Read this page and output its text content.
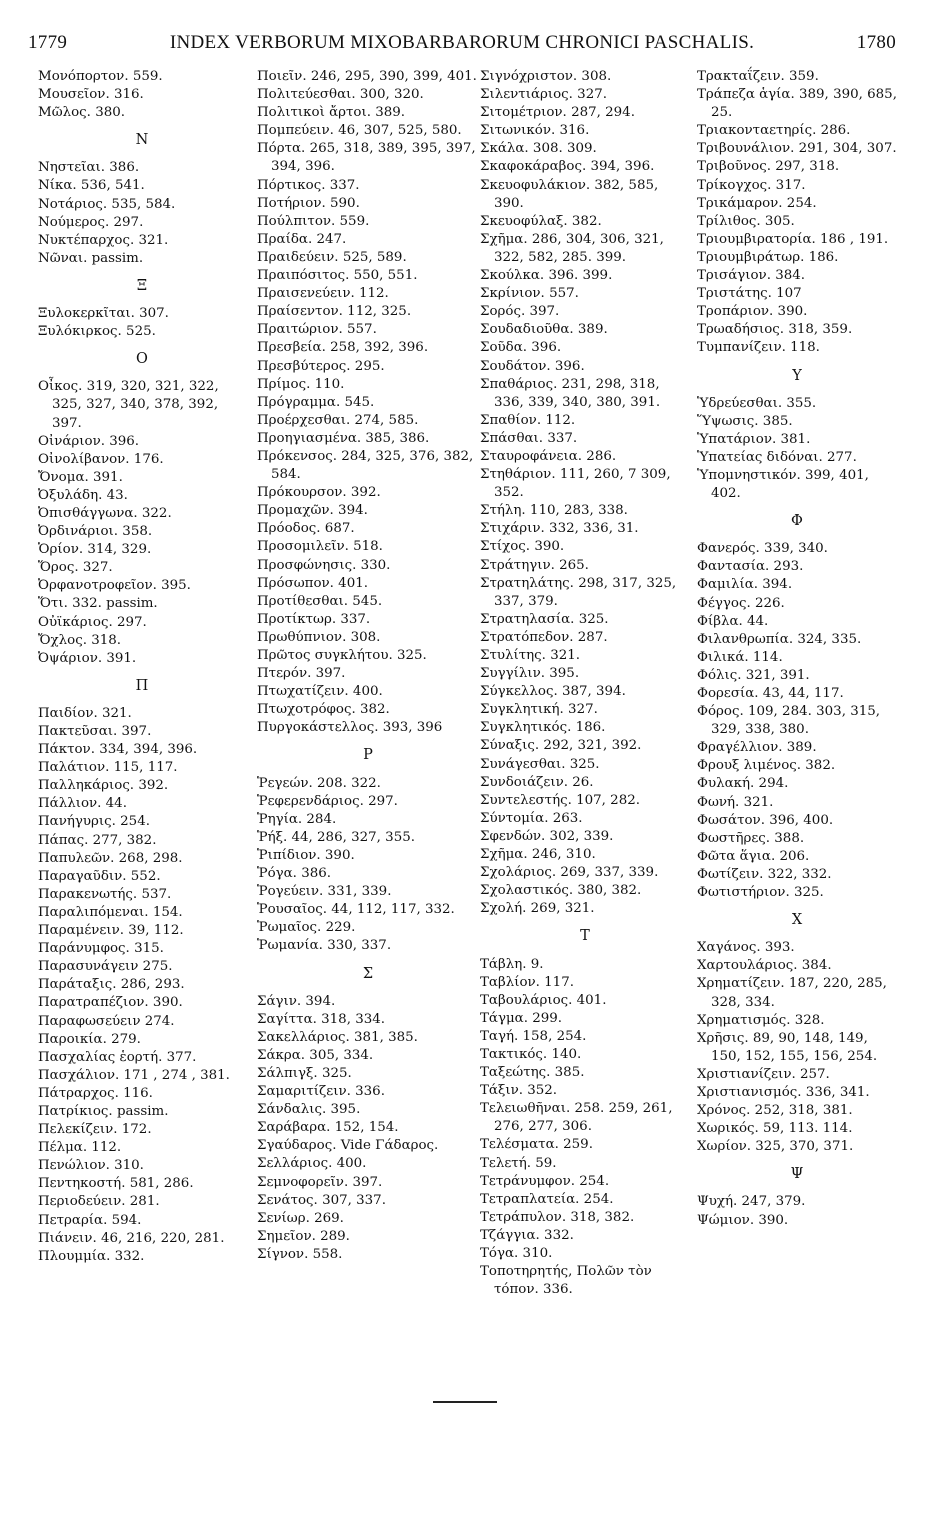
1779	INDEX VERBORUM MIXOBARBARORUM CHRONICI PASCHALIS.	1780
Μονόπορτον. 559.
Μουσεῖον. 316.
Μῶλος. 380.
N
Νηστεῖαι. 386.
Νίκα. 536, 541.
Νοτάριος. 535, 584.
Νούμερος. 297.
Νυκτέπαρχος. 321.
Νῶναι. passim.
Ξ
Ξυλοκερκῖται. 307.
Ξυλόκιρκος. 525.
O
Οἶκος. 319, 320, 321, 322, 325, 327, 340, 378, 392, 397.
Οἰνάριον. 396.
Οἰνολίβανον. 176.
Ὄνομα. 391.
Ὀξυλάδη. 43.
Ὀπισθάγγωνα. 322.
Ὀρδινάριοι. 358.
Ὁρίον. 314, 329.
Ὅρος. 327.
Ὀρφανοτροφεῖον. 395.
Ὅτι. 332. passim.
Οὐϊκάριος. 297.
Ὄχλος. 318.
Ὀψάριον. 391.
Π
Παιδίον. 321.
Πακτεῦσαι. 397.
Πάκτον. 334, 394, 396.
Παλάτιον. 115, 117.
Παλληκάριος. 392.
Πάλλιον. 44.
Πανήγυρις. 254.
Πάπας. 277, 382.
Παπυλεῶν. 268, 298.
Παραγαῦδιν. 552.
Παρακενωτής. 537.
Παραλιπόμεναι. 154.
Παραμένειν. 39, 112.
Παράνυμφος. 315.
Παρασυνάγειν 275.
Παράταξις. 286, 293.
Παρατραπέζιον. 390.
Παραφωσεύειν 274.
Παροικία. 279.
Πασχαλίας ἑορτή. 377.
Πασχάλιον. 171 , 274 , 381.
Πάτραρχος. 116.
Πατρίκιος. passim.
Πελεκίζειν. 172.
Πέλμα. 112.
Πενώλιον. 310.
Πεντηκοστή. 581, 286.
Περιοδεύειν. 281.
Πετραρία. 594.
Πιάνειν. 46, 216, 220, 281.
Πλουμμία. 332.
Ποιεῖν. 246, 295, 390, 399, 401.
Πολιτεύεσθαι. 300, 320.
Πολιτικοὶ ἄρτοι. 389.
Πομπεύειν. 46, 307, 525, 580.
Πόρτα. 265, 318, 389, 395, 397, 394, 396.
Πόρτικος. 337.
Ποτήριον. 590.
Πούλπιτον. 559.
Πραίδα. 247.
Πραιδεύειν. 525, 589.
Πραιπόσιτος. 550, 551.
Πραισενεύειν. 112.
Πραίσεντον. 112, 325.
Πραιτώριον. 557.
Πρεσβεία. 258, 392, 396.
Πρεσβύτερος. 295.
Πρίμος. 110.
Πρόγραμμα. 545.
Προέρχεσθαι. 274, 585.
Προηγιασμένα. 385, 386.
Πρόκενσος. 284, 325, 376, 382, 584.
Πρόκουρσον. 392.
Προμαχῶν. 394.
Πρόοδος. 687.
Προσομιλεῖν. 518.
Προσφώνησις. 330.
Πρόσωπον. 401.
Προτίθεσθαι. 545.
Προτίκτωρ. 337.
Πρωθύπνιον. 308.
Πρῶτος συγκλήτου. 325.
Πτερόν. 397.
Πτωχατίζειν. 400.
Πτωχοτρόφος. 382.
Πυργοκάστελλος. 393, 396
P
Ῥεγεών. 208. 322.
Ῥεφερενδάριος. 297.
Ῥηγία. 284.
Ῥήξ. 44, 286, 327, 355.
Ῥιπίδιον. 390.
Ῥόγα. 386.
Ῥογεύειν. 331, 339.
Ῥουσαῖος. 44, 112, 117, 332.
Ῥωμαῖος. 229.
Ῥωμανία. 330, 337.
Σ
Σάγιν. 394.
Σαγίττα. 318, 334.
Σακελλάριος. 381, 385.
Σάκρα. 305, 334.
Σάλπιγξ. 325.
Σαμαριτίζειν. 336.
Σάνδαλις. 395.
Σαράβαρα. 152, 154.
Σγαύδαρος. Vide Γάδαρος.
Σελλάριος. 400.
Σεμνοφορεῖν. 397.
Σενάτος. 307, 337.
Σενίωρ. 269.
Σημεῖον. 289.
Σίγνον. 558.
Σιγνόχριστον. 308.
Σιλεντιάριος. 327.
Σιτομέτριον. 287, 294.
Σιτωνικόν. 316.
Σκάλα. 308. 309.
Σκαφοκάραβος. 394, 396.
Σκευοφυλάκιον. 382, 585, 390.
Σκευοφύλαξ. 382.
Σχῆμα. 286, 304, 306, 321, 322, 582, 285. 399.
Σκούλκα. 396. 399.
Σκρίνιον. 557.
Σορός. 397.
Σουδαδιοῦθα. 389.
Σοῦδα. 396.
Σουδάτον. 396.
Σπαθάριος. 231, 298, 318, 336, 339, 340, 380, 391.
Σπαθίον. 112.
Σπάσθαι. 337.
Σταυροφάνεια. 286.
Στηθάριον. 111, 260, 7 309, 352.
Στήλη. 110, 283, 338.
Στιχάριν. 332, 336, 31.
Στίχος. 390.
Στράτηγιν. 265.
Στρατηλάτης. 298, 317, 325, 337, 379.
Στρατηλασία. 325.
Στρατόπεδον. 287.
Στυλίτης. 321.
Συγγίλιν. 395.
Σύγκελλος. 387, 394.
Συγκλητική. 327.
Συγκλητικός. 186.
Σύναξις. 292, 321, 392.
Συνάγεσθαι. 325.
Συνδοιάζειν. 26.
Συντελεστής. 107, 282.
Σύντομία. 263.
Σφενδών. 302, 339.
Σχῆμα. 246, 310.
Σχολάριος. 269, 337, 339.
Σχολαστικός. 380, 382.
Σχολή. 269, 321.
T
Τάβλη. 9.
Ταβλίον. 117.
Ταβουλάριος. 401.
Τάγμα. 299.
Ταγή. 158, 254.
Τακτικός. 140.
Ταξεώτης. 385.
Τάξιν. 352.
Τελειωθῆναι. 258. 259, 261, 276, 277, 306.
Τελέσματα. 259.
Τελετή. 59.
Τετράνυμφον. 254.
Τετραπλατεία. 254.
Τετράπυλον. 318, 382.
Τζάγγια. 332.
Τόγα. 310.
Τοποτηρητής, Πολῶν τὸν τόπον. 336.
Τρακταΐζειν. 359.
Τράπεζα ἁγία. 389, 390, 685, 25.
Τριακονταετηρίς. 286.
Τριβουνάλιον. 291, 304, 307.
Τριβοῦνος. 297, 318.
Τρίκογχος. 317.
Τρικάμαρον. 254.
Τρίλιθος. 305.
Τριουμβιρατορία. 186 , 191.
Τριουμβιράτωρ. 186.
Τρισάγιον. 384.
Τριστάτης. 107
Τροπάριον. 390.
Τρωαδήσιος. 318, 359.
Τυμπανίζειν. 118.
Y
Ὑδρεύεσθαι. 355.
Ὕψωσις. 385.
Ὑπατάριον. 381.
Ὑπατείας διδόναι. 277.
Ὑπομνηστικόν. 399, 401, 402.
Φ
Φανερός. 339, 340.
Φαντασία. 293.
Φαμιλία. 394.
Φέγγος. 226.
Φίβλα. 44.
Φιλανθρωπία. 324, 335.
Φιλικά. 114.
Φόλις. 321, 391.
Φορεσία. 43, 44, 117.
Φόρος. 109, 284. 303, 315, 329, 338, 380.
Φραγέλλιον. 389.
Φρουξ λιμένος. 382.
Φυλακή. 294.
Φωνή. 321.
Φωσάτον. 396, 400.
Φωστῆρες. 388.
Φῶτα ἅγια. 206.
Φωτίζειν. 322, 332.
Φωτιστήριον. 325.
X
Χαγάνος. 393.
Χαρτουλάριος. 384.
Χρηματίζειν. 187, 220, 285, 328, 334.
Χρηματισμός. 328.
Χρῆσις. 89, 90, 148, 149, 150, 152, 155, 156, 254.
Χριστιανίζειν. 257.
Χριστιανισμός. 336, 341.
Χρόνος. 252, 318, 381.
Χωρικός. 59, 113. 114.
Χωρίον. 325, 370, 371.
Ψ
Ψυχή. 247, 379.
Ψώμιον. 390.
